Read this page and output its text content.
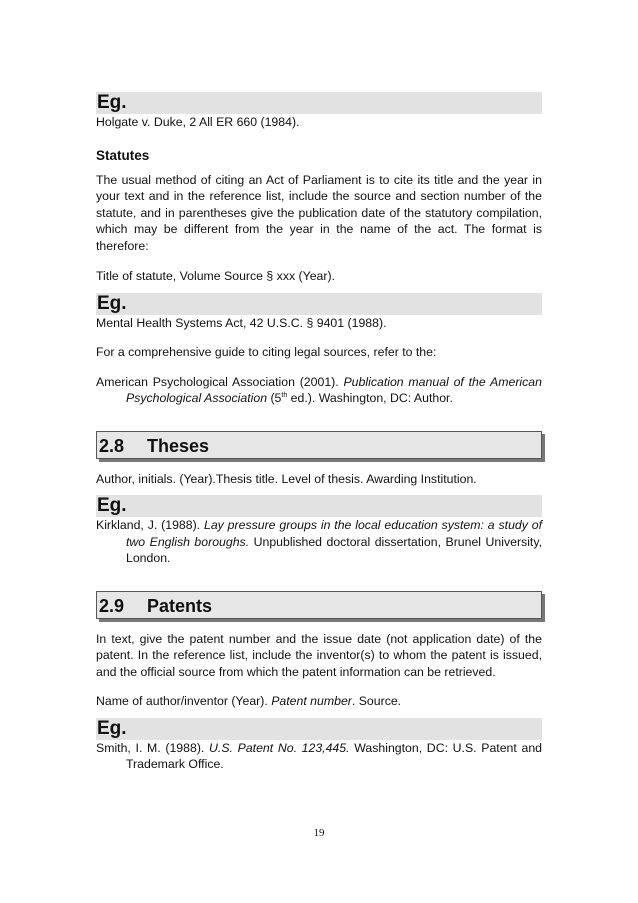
Eg.

Holgate v. Duke, 2 All ER 660 (1984).

Statutes

The usual method of citing an Act of Parliament is to cite its title and the year in your text and in the reference list, include the source and section number of the statute, and in parentheses give the publication date of the statutory compilation, which may be different from the year in the name of the act. The format is therefore:

Title of statute, Volume Source § xxx (Year).

Eg.

Mental Health Systems Act, 42 U.S.C. § 9401 (1988).

For a comprehensive guide to citing legal sources, refer to the:

American Psychological Association (2001). Publication manual of the American Psychological Association (5th ed.). Washington, DC: Author.

2.8 Theses

Author, initials. (Year).Thesis title. Level of thesis. Awarding Institution.

Eg.

Kirkland, J. (1988). Lay pressure groups in the local education system: a study of two English boroughs. Unpublished doctoral dissertation, Brunel University, London.

2.9 Patents

In text, give the patent number and the issue date (not application date) of the patent. In the reference list, include the inventor(s) to whom the patent is issued, and the official source from which the patent information can be retrieved.

Name of author/inventor (Year). Patent number. Source.

Eg.

Smith, I. M. (1988). U.S. Patent No. 123,445. Washington, DC: U.S. Patent and Trademark Office.

19
